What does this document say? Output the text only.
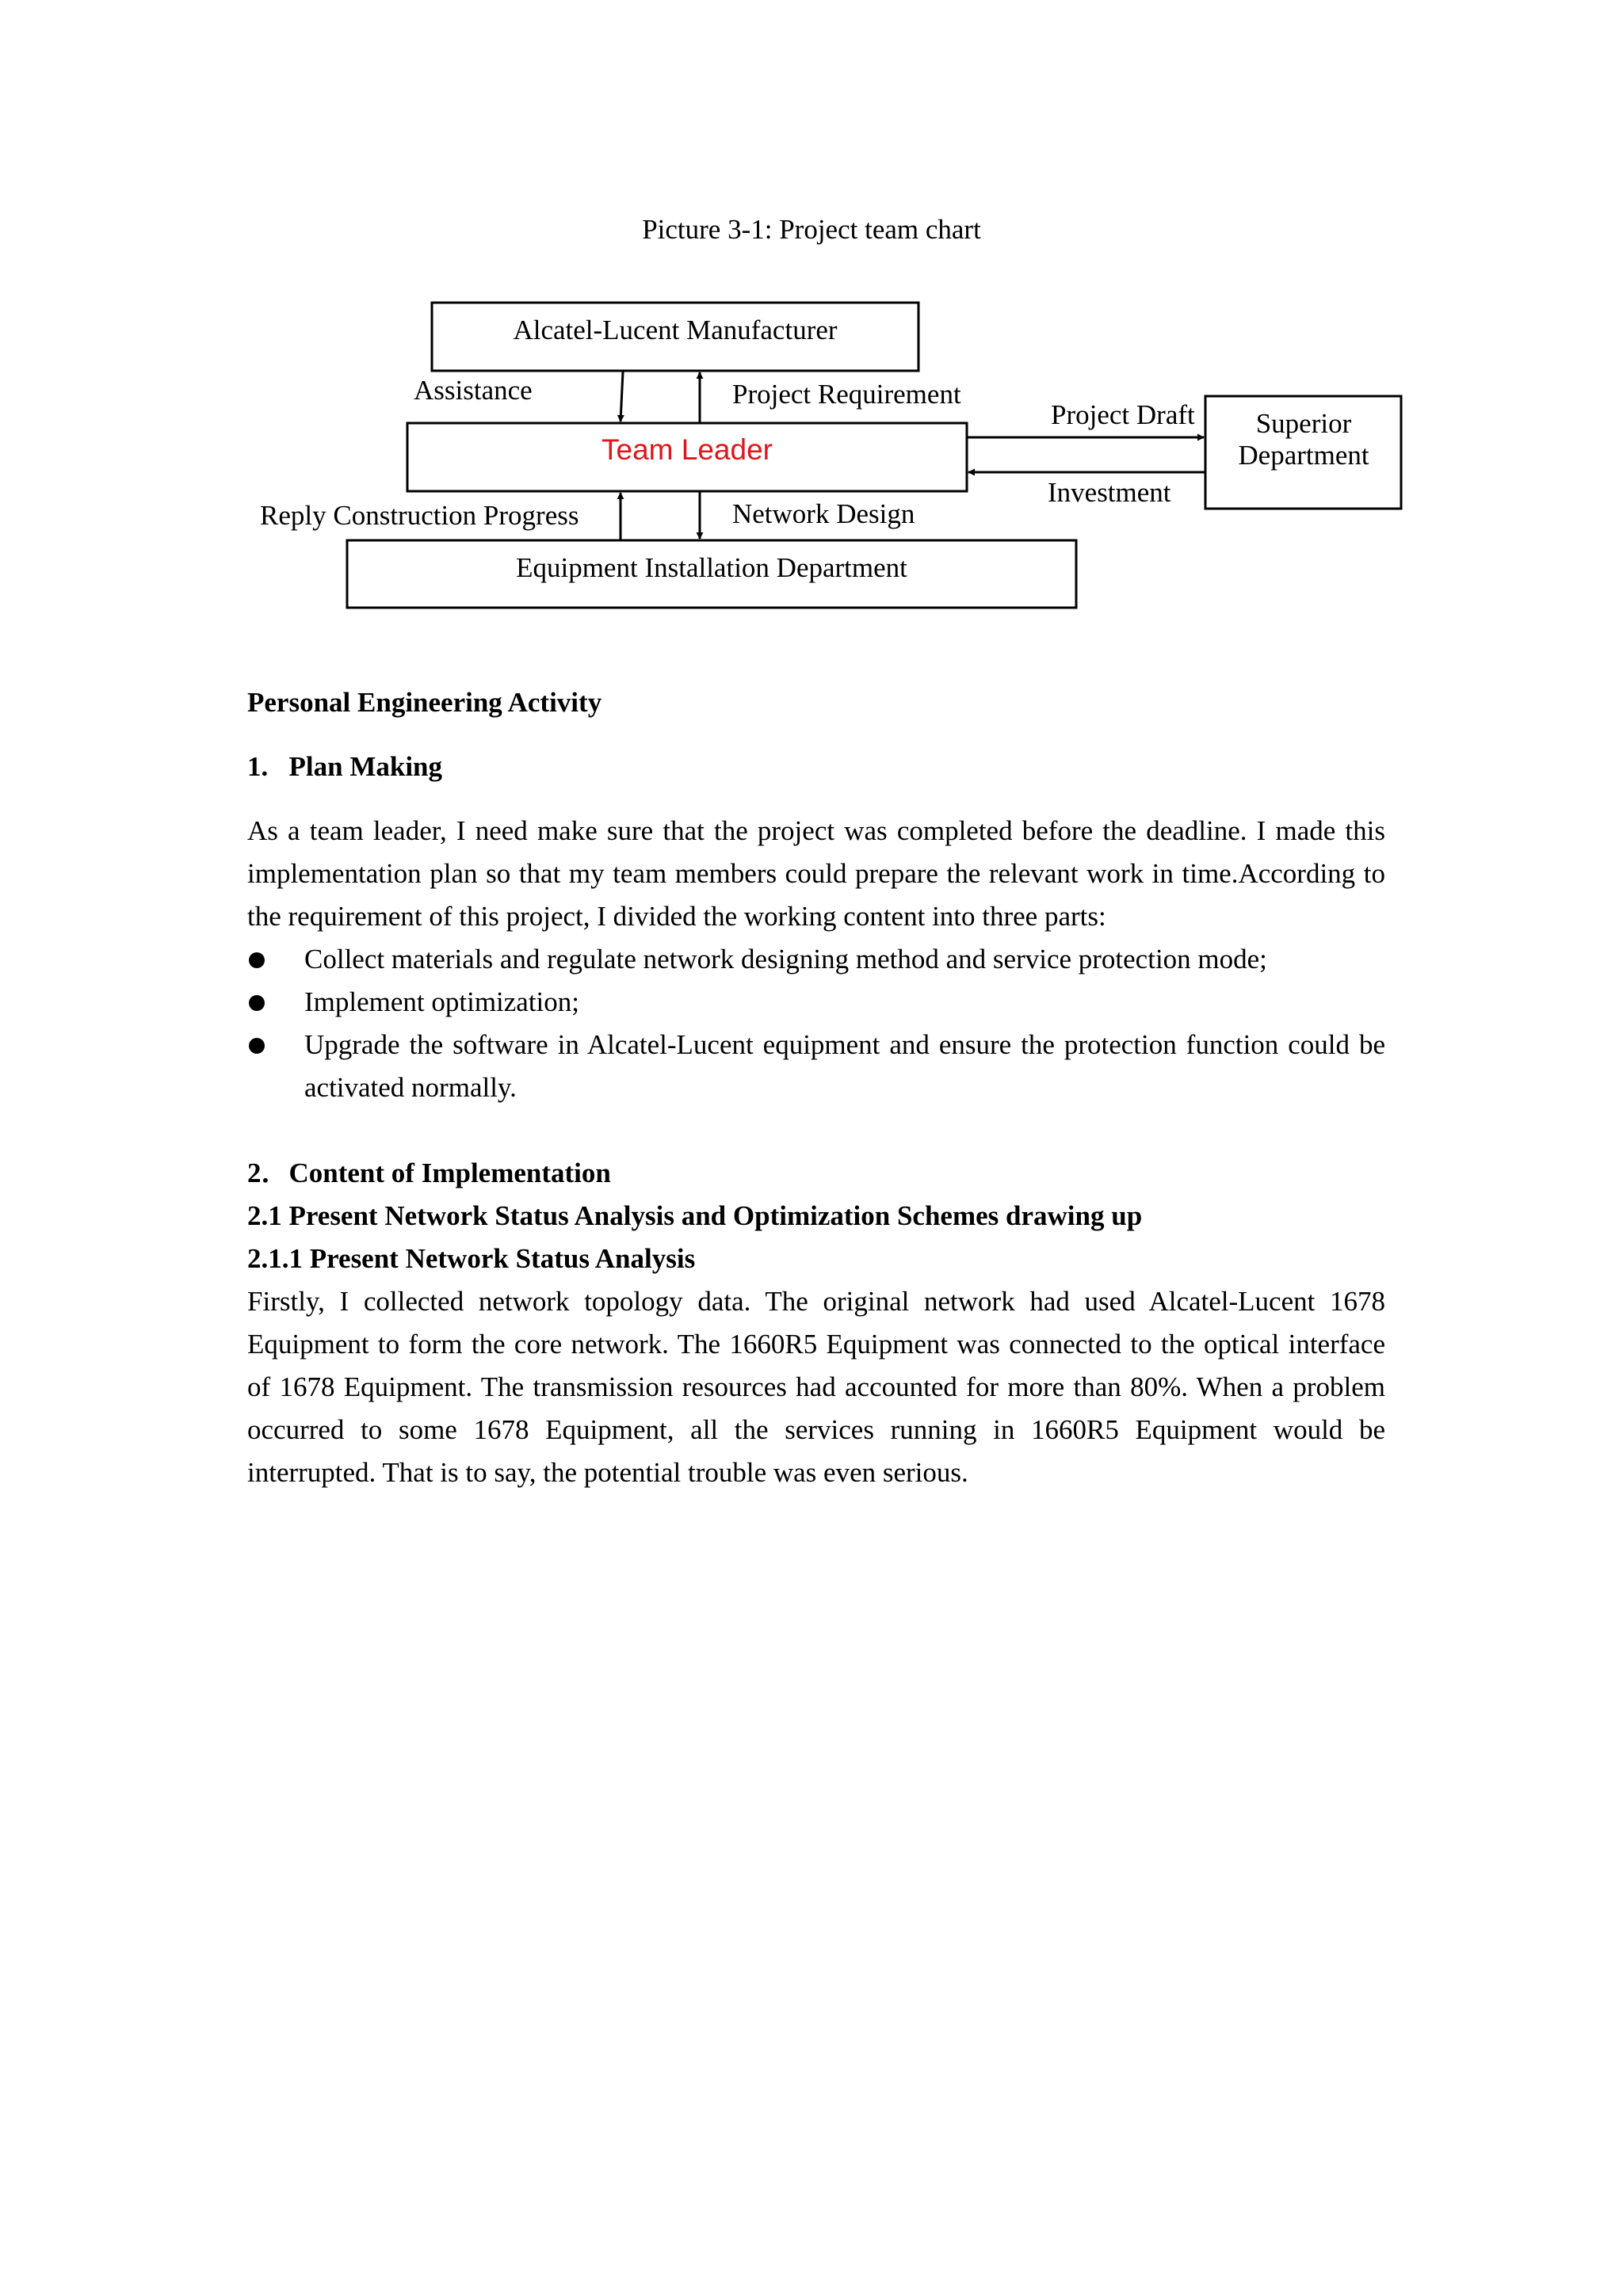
Picture 3-1: Project team chart
Alcatel-Lucent Manufacturer
Team Leader
Superior
Department
Equipment Installation Department
Assistance	Project Requirement
Project Draft
Investment
Reply Construction Progress	Network Design
Personal Engineering Activity
1.   Plan Making
As a team leader, I need make sure that the project was completed before the deadline. I made this implementation plan so that my team members could prepare the relevant work in time.According to the requirement of this project, I divided the working content into three parts:
Collect materials and regulate network designing method and service protection mode;
Implement optimization;
Upgrade the software in Alcatel-Lucent equipment and ensure the protection function could be activated normally.
2．Content of Implementation
2.1 Present Network Status Analysis and Optimization Schemes drawing up
2.1.1 Present Network Status Analysis
Firstly, I collected network topology data. The original network had used Alcatel-Lucent 1678 Equipment to form the core network. The 1660R5 Equipment was connected to the optical interface of 1678 Equipment. The transmission resources had accounted for more than 80%. When a problem occurred to some 1678 Equipment, all the services running in 1660R5 Equipment would be interrupted. That is to say, the potential trouble was even serious.
